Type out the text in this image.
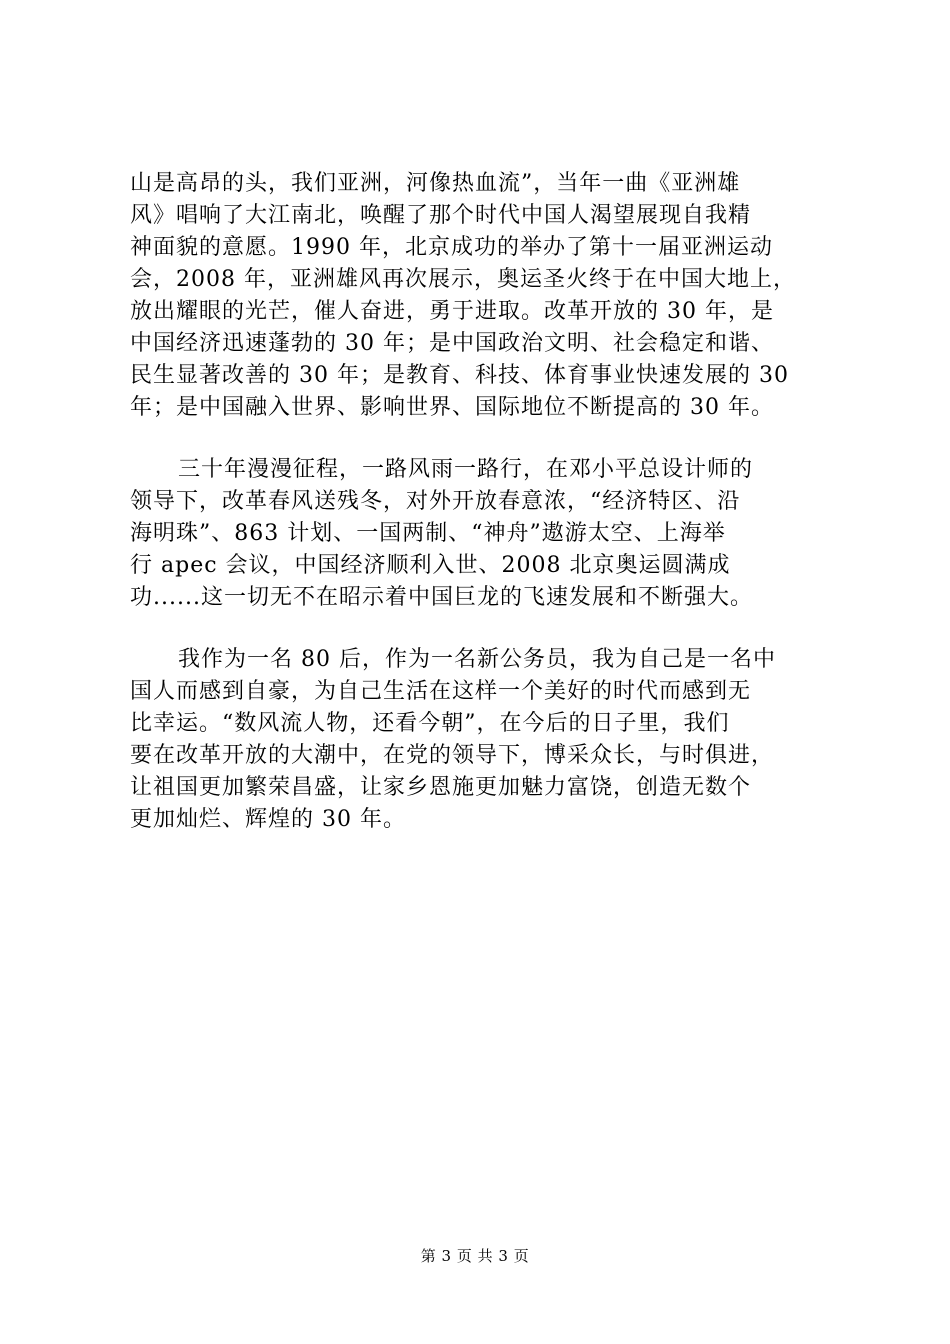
山是高昂的头，我们亚洲，河像热血流”，当年一曲《亚洲雄
风》唱响了大江南北，唤醒了那个时代中国人渴望展现自我精
神面貌的意愿。1990 年，北京成功的举办了第十一届亚洲运动
会，2008 年，亚洲雄风再次展示，奥运圣火终于在中国大地上，
放出耀眼的光芒，催人奋进，勇于进取。改革开放的 30 年，是
中国经济迅速蓬勃的 30 年；是中国政治文明、社会稳定和谐、
民生显著改善的 30 年；是教育、科技、体育事业快速发展的 30
年；是中国融入世界、影响世界、国际地位不断提高的 30 年。

三十年漫漫征程，一路风雨一路行，在邓小平总设计师的
领导下，改革春风送残冬，对外开放春意浓，“经济特区、沿
海明珠”、863 计划、一国两制、“神舟”遨游太空、上海举
行 apec 会议，中国经济顺利入世、2008 北京奥运圆满成
功......这一切无不在昭示着中国巨龙的飞速发展和不断强大。

我作为一名 80 后，作为一名新公务员，我为自己是一名中
国人而感到自豪，为自己生活在这样一个美好的时代而感到无
比幸运。“数风流人物，还看今朝”，在今后的日子里，我们
要在改革开放的大潮中，在党的领导下，博采众长，与时俱进，
让祖国更加繁荣昌盛，让家乡恩施更加魅力富饶，创造无数个
更加灿烂、辉煌的 30 年。

第 3 页 共 3 页
